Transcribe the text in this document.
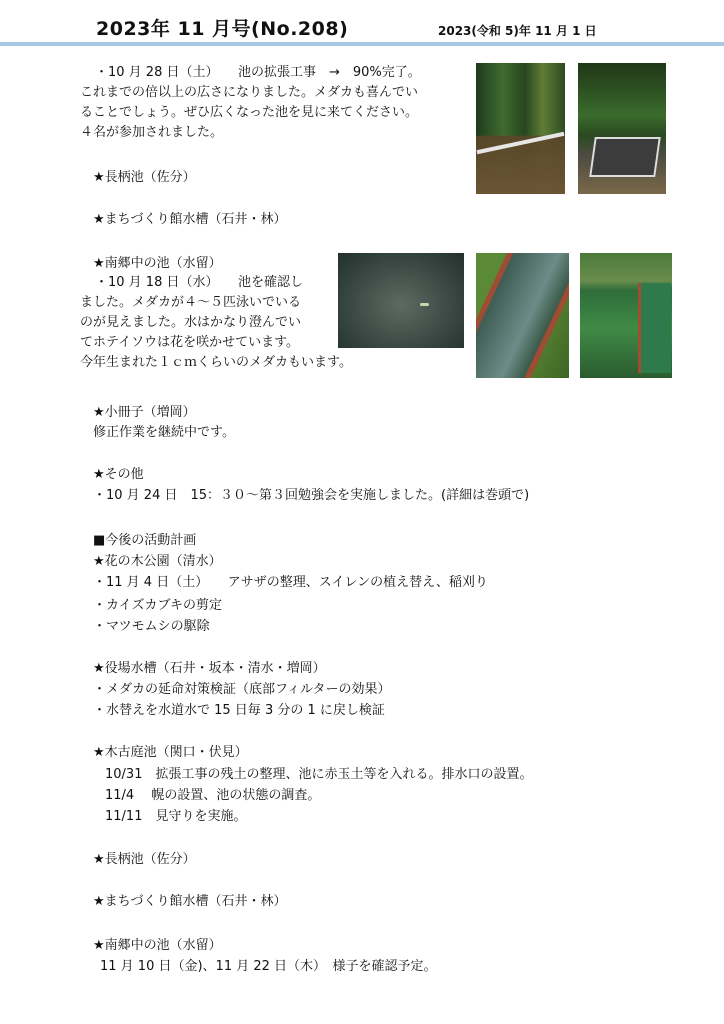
2023年 11 月号(No.208)	2023(令和 5)年 11 月 1 日
・10 月 28 日（土）　　池の拡張工事　→　90%完了。
これまでの倍以上の広さになりました。メダカも喜んでい
ることでしょう。ぜひ広くなった池を見に来てください。
４名が参加されました。
★長柄池（佐分）
★まちづくり館水槽（石井・林）
★南郷中の池（水留）
・10 月 18 日（水）　　池を確認し
ました。メダカが４～５匹泳いでいる
のが見えました。水はかなり澄んでい
てホテイソウは花を咲かせています。
今年生まれた１ｃｍくらいのメダカもいます。
★小冊子（増岡）
修正作業を継続中です。
★その他
・10 月 24 日　15：３０～第３回勉強会を実施しました。(詳細は巻頭で)
■今後の活動計画
★花の木公園（清水）
・11 月 4 日（土）　　アサザの整理、スイレンの植え替え、稲刈り
・カイズカブキの剪定
・マツモムシの駆除
★役場水槽（石井・坂本・清水・増岡）
・メダカの延命対策検証（底部フィルターの効果）
・水替えを水道水で 15 日毎 3 分の 1 に戻し検証
★木古庭池（関口・伏見）
10/31　拡張工事の残土の整理、池に赤玉土等を入れる。排水口の設置。
11/4　 幌の設置、池の状態の調査。
11/11　見守りを実施。
★長柄池（佐分）
★まちづくり館水槽（石井・林）
★南郷中の池（水留）
11 月 10 日（金)、11 月 22 日（木）　様子を確認予定。
